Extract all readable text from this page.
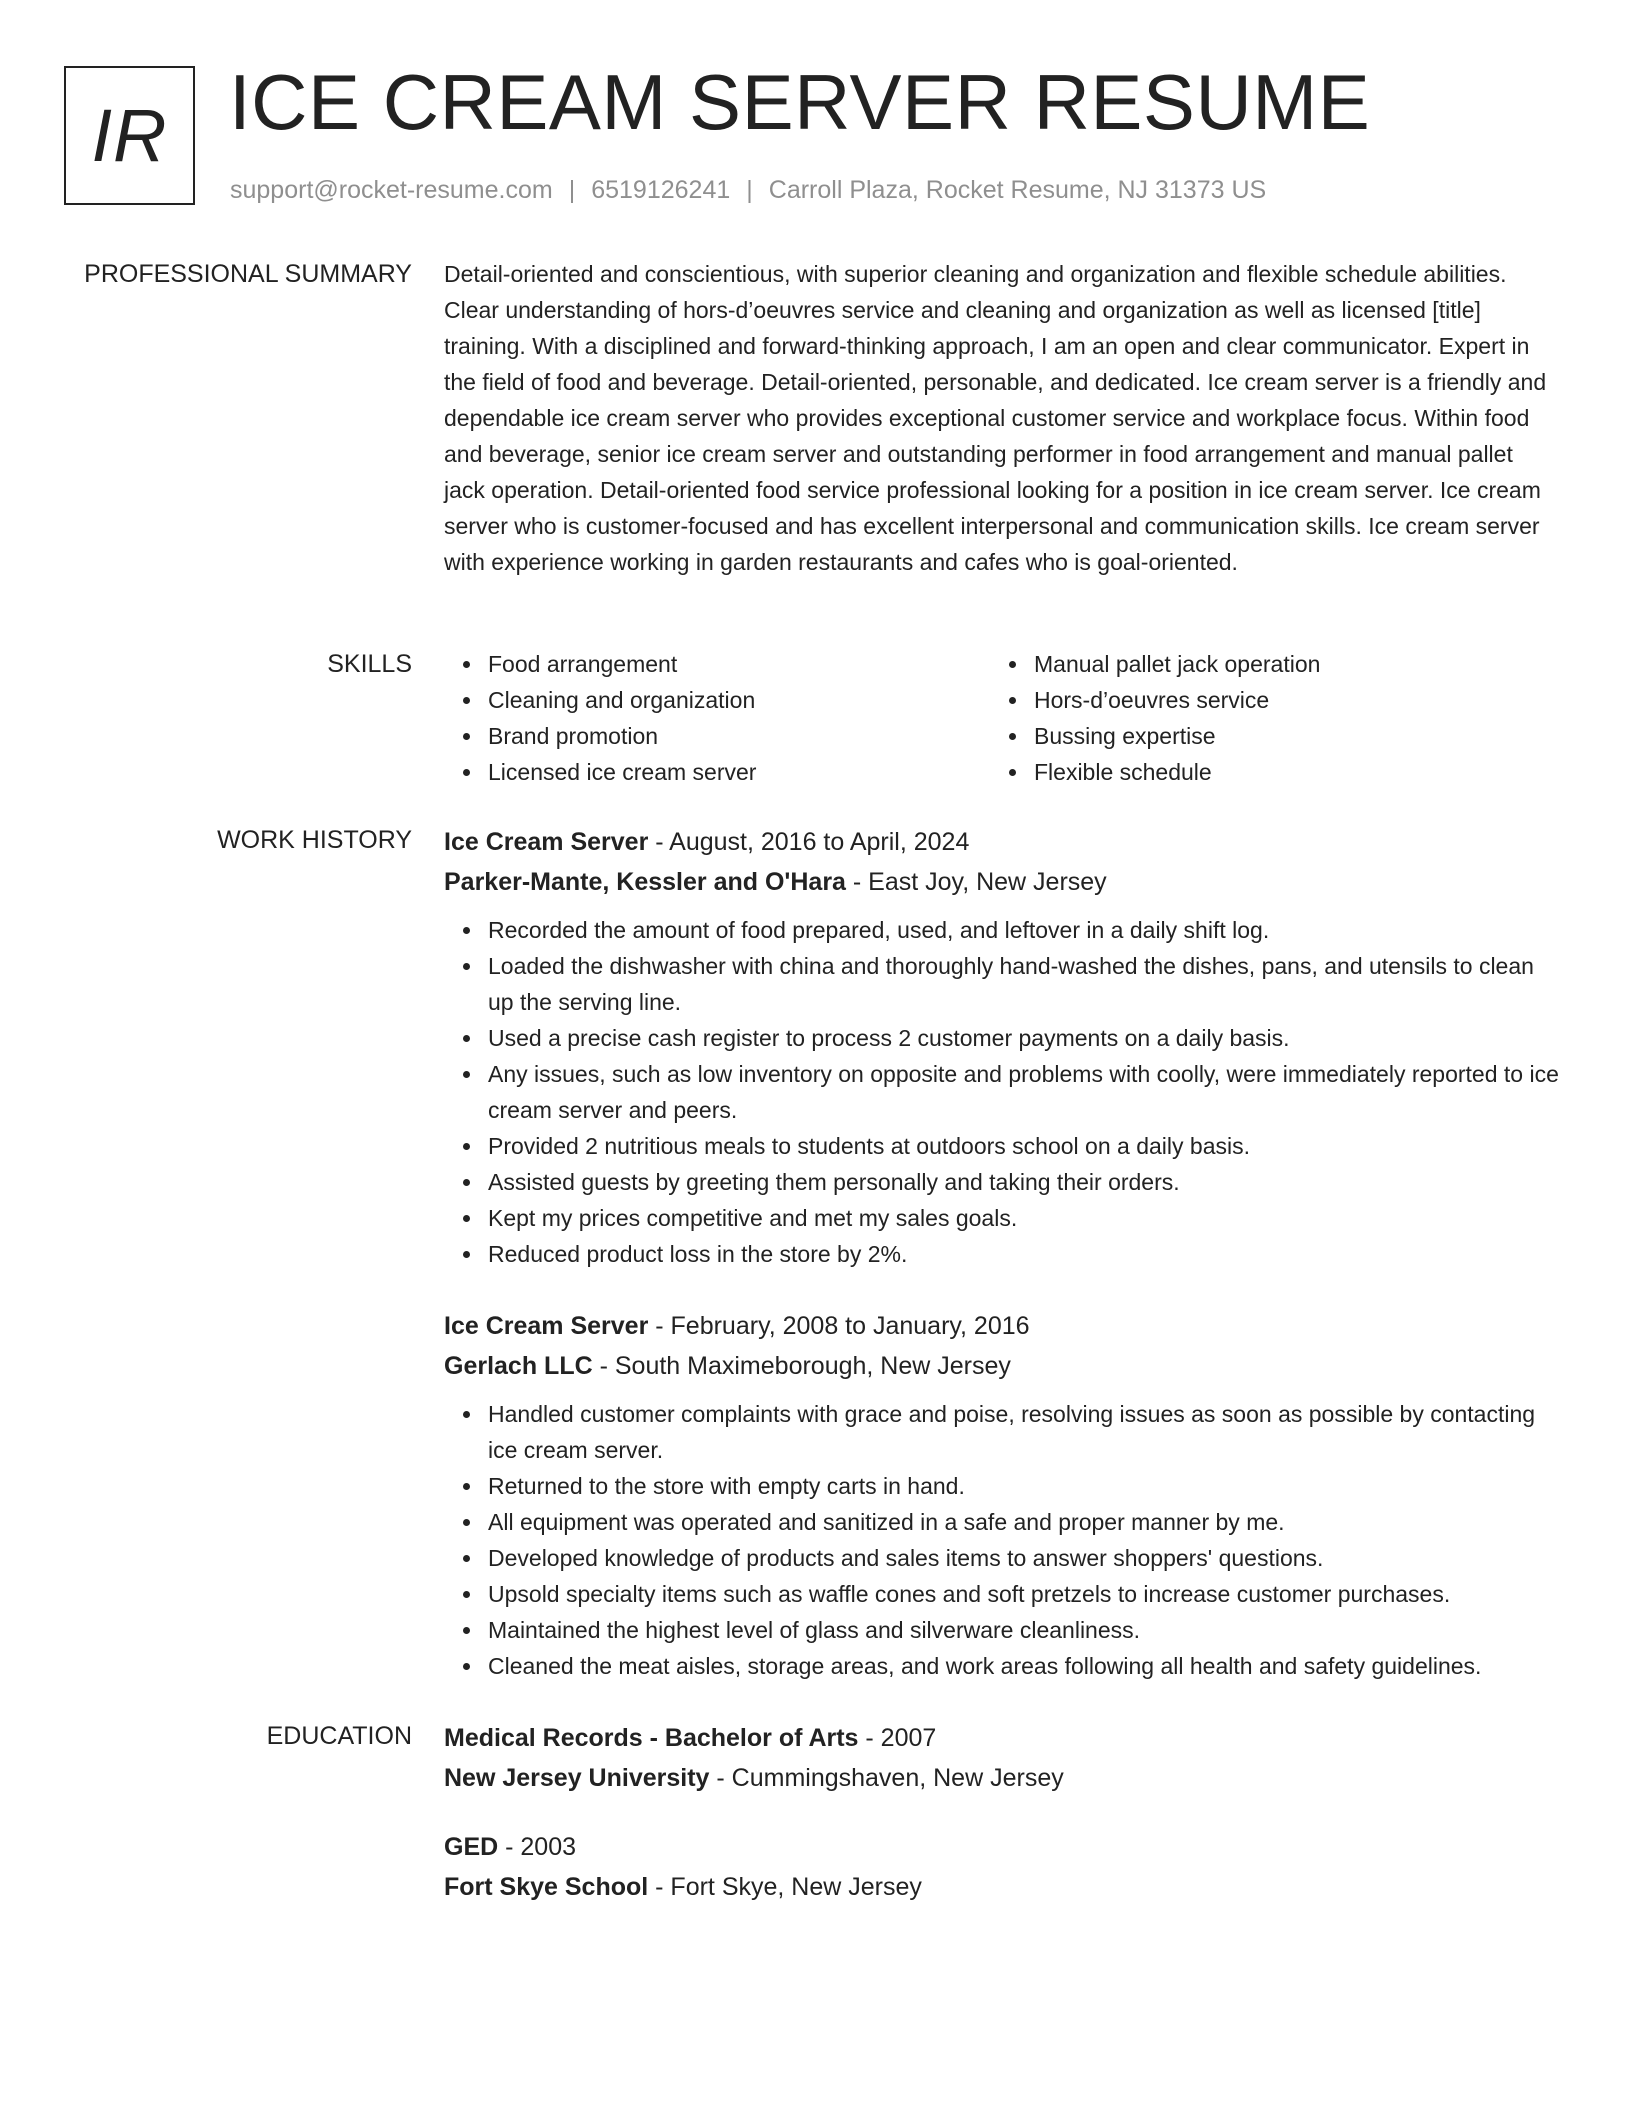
IR ICE CREAM SERVER RESUME
support@rocket-resume.com | 6519126241 | Carroll Plaza, Rocket Resume, NJ 31373 US
PROFESSIONAL SUMMARY Detail-oriented and conscientious, with superior cleaning and organization and flexible schedule abilities. Clear understanding of hors-d’oeuvres service and cleaning and organization as well as licensed [title] training. With a disciplined and forward-thinking approach, I am an open and clear communicator. Expert in the field of food and beverage. Detail-oriented, personable, and dedicated. Ice cream server is a friendly and dependable ice cream server who provides exceptional customer service and workplace focus. Within food and beverage, senior ice cream server and outstanding performer in food arrangement and manual pallet jack operation. Detail-oriented food service professional looking for a position in ice cream server. Ice cream server who is customer-focused and has excellent interpersonal and communication skills. Ice cream server with experience working in garden restaurants and cafes who is goal-oriented.

SKILLS	Food arrangement
Cleaning and organization
Brand promotion
Licensed ice cream server
Manual pallet jack operation
Hors-d’oeuvres service
Bussing expertise
Flexible schedule
WORK HISTORY Ice Cream Server - August, 2016 to April, 2024
Parker-Mante, Kessler and O'Hara - East Joy, New Jersey
Recorded the amount of food prepared, used, and leftover in a daily shift log.
Loaded the dishwasher with china and thoroughly hand-washed the dishes, pans, and utensils to clean up the serving line.
Used a precise cash register to process 2 customer payments on a daily basis.
Any issues, such as low inventory on opposite and problems with coolly, were immediately reported to ice cream server and peers.
Provided 2 nutritious meals to students at outdoors school on a daily basis.
Assisted guests by greeting them personally and taking their orders.
Kept my prices competitive and met my sales goals.
Reduced product loss in the store by 2%.
Ice Cream Server - February, 2008 to January, 2016
Gerlach LLC - South Maximeborough, New Jersey
Handled customer complaints with grace and poise, resolving issues as soon as possible by contacting ice cream server.
Returned to the store with empty carts in hand.
All equipment was operated and sanitized in a safe and proper manner by me.
Developed knowledge of products and sales items to answer shoppers' questions.
Upsold specialty items such as waffle cones and soft pretzels to increase customer purchases.
Maintained the highest level of glass and silverware cleanliness.
Cleaned the meat aisles, storage areas, and work areas following all health and safety guidelines.
EDUCATION Medical Records - Bachelor of Arts - 2007
New Jersey University - Cummingshaven, New Jersey
GED - 2003
Fort Skye School - Fort Skye, New Jersey
